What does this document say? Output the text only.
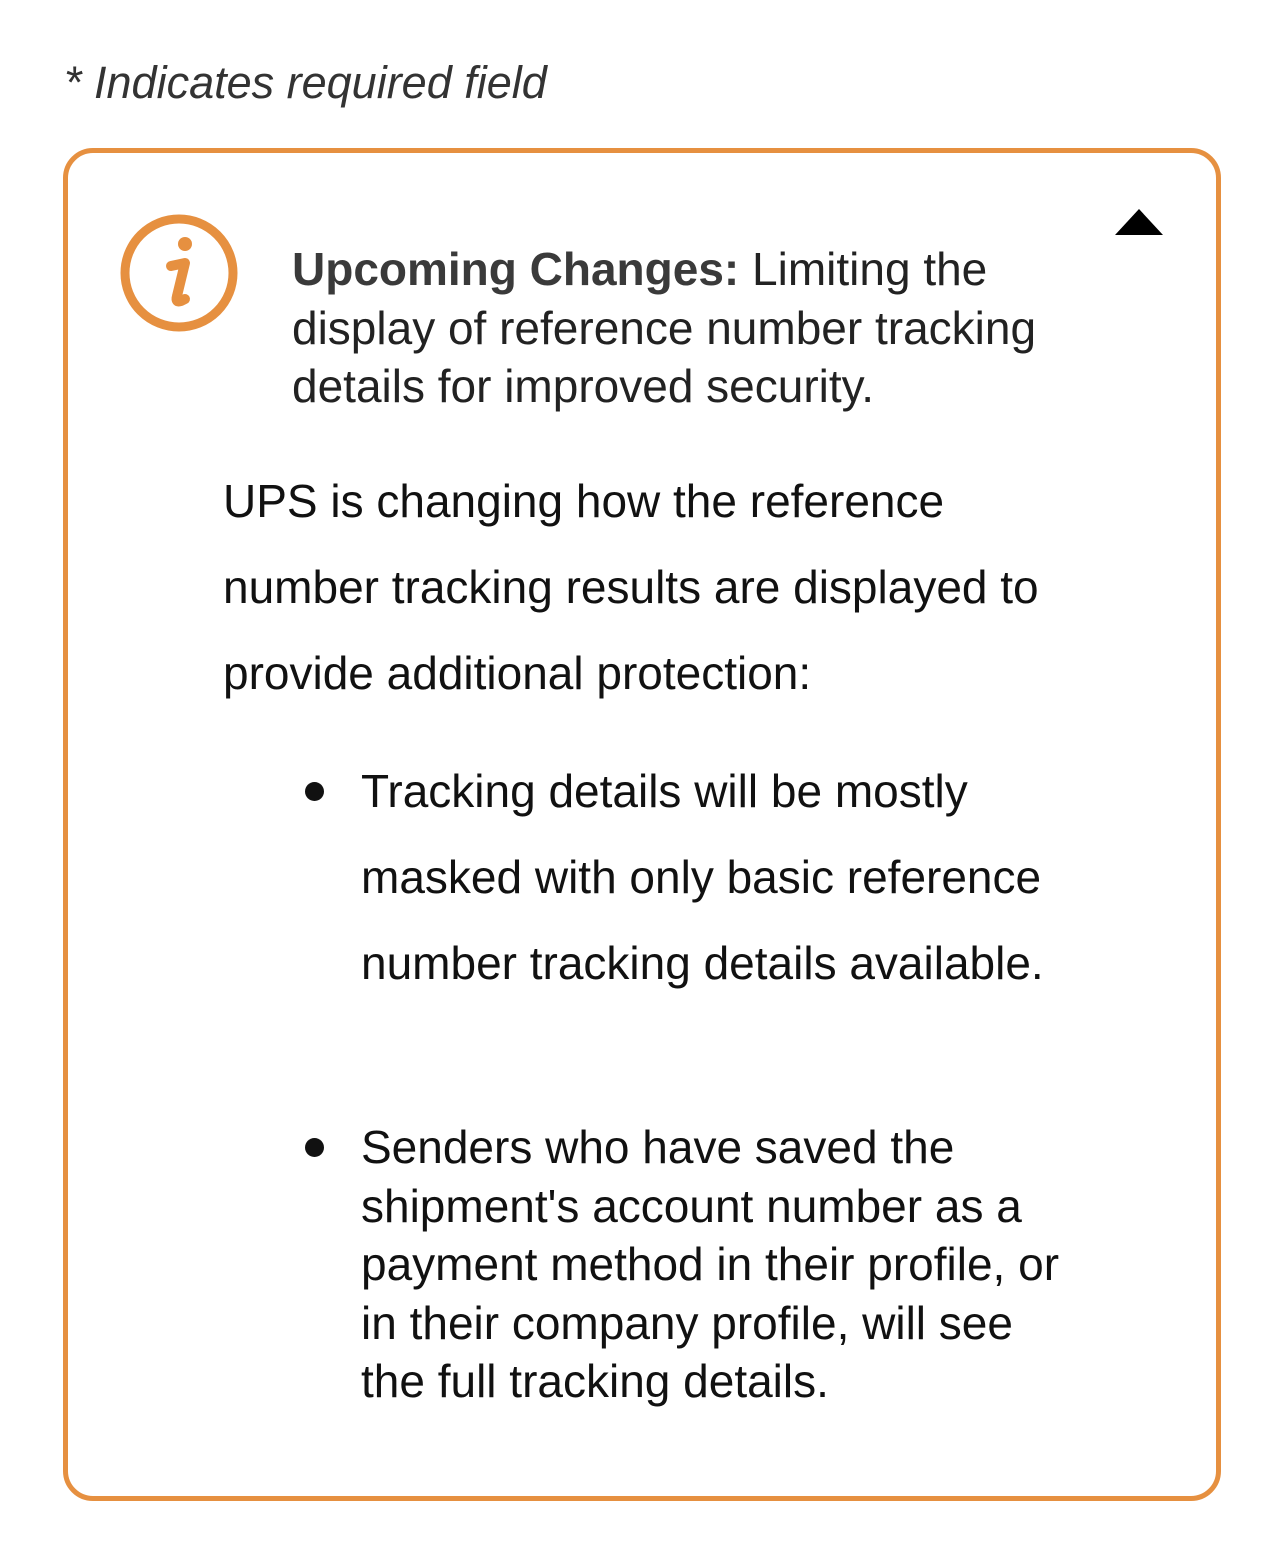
* Indicates required field

Upcoming Changes: Limiting the display of reference number tracking details for improved security.

UPS is changing how the reference number tracking results are displayed to provide additional protection:

Tracking details will be mostly masked with only basic reference number tracking details available.
Senders who have saved the shipment's account number as a payment method in their profile, or in their company profile, will see the full tracking details.
